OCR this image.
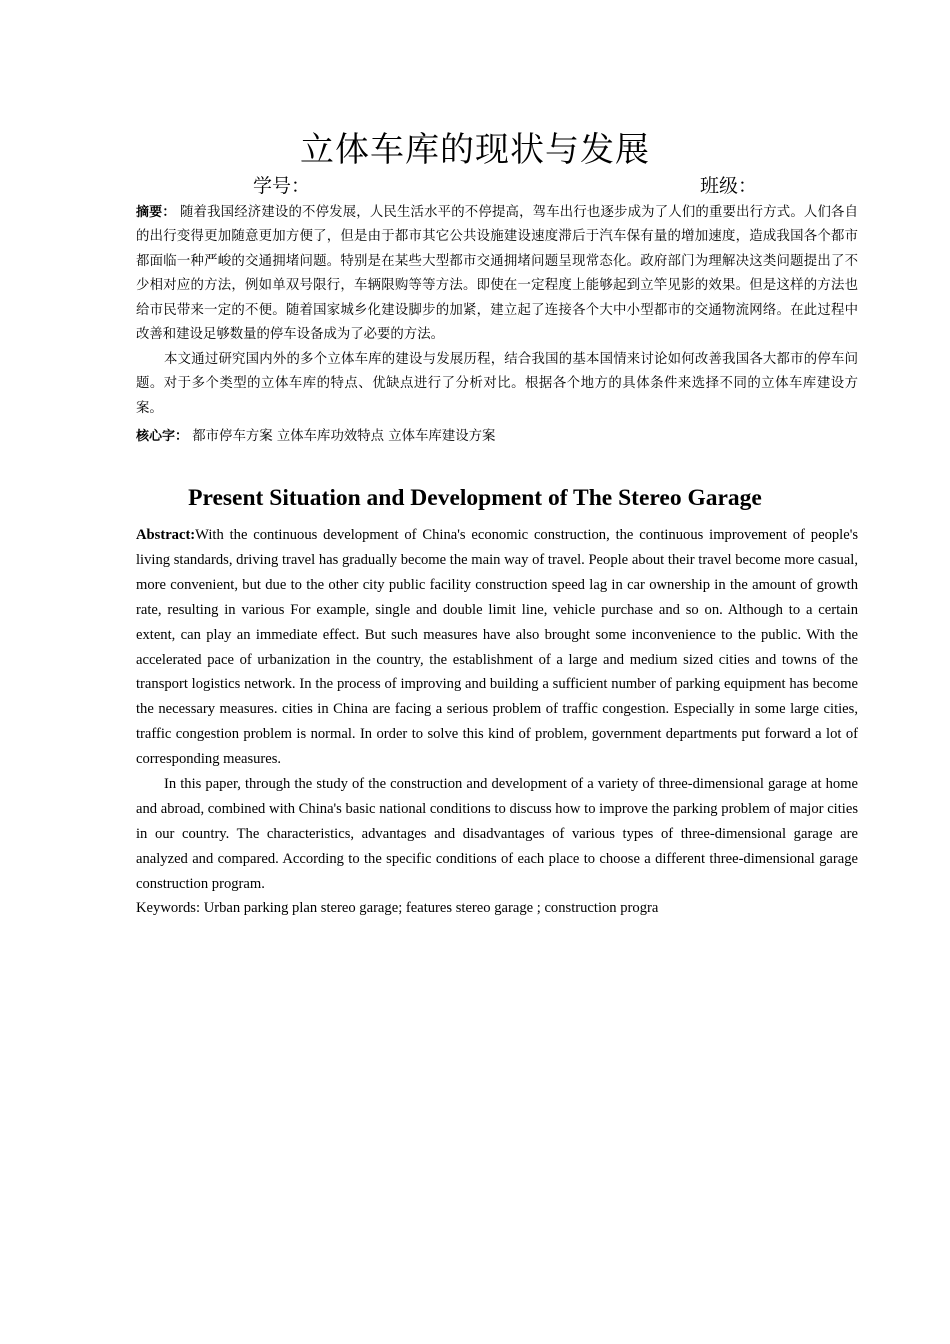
立体车库的现状与发展
学号：	班级：
摘要： 随着我国经济建设的不停发展，人民生活水平的不停提高，驾车出行也逐步成为了人们的重要出行方式。人们各自的出行变得更加随意更加方便了，但是由于都市其它公共设施建设速度滞后于汽车保有量的增加速度，造成我国各个都市都面临一种严峻的交通拥堵问题。特别是在某些大型都市交通拥堵问题呈现常态化。政府部门为理解决这类问题提出了不少相对应的方法，例如单双号限行，车辆限购等等方法。即使在一定程度上能够起到立竿见影的效果。但是这样的方法也给市民带来一定的不便。随着国家城乡化建设脚步的加紧，建立起了连接各个大中小型都市的交通物流网络。在此过程中改善和建设足够数量的停车设备成为了必要的方法。
本文通过研究国内外的多个立体车库的建设与发展历程，结合我国的基本国情来讨论如何改善我国各大都市的停车问题。对于多个类型的立体车库的特点、优缺点进行了分析对比。根据各个地方的具体条件来选择不同的立体车库建设方案。
核心字： 都市停车方案 立体车库功效特点 立体车库建设方案
Present Situation and Development of The Stereo Garage
Abstract:With the continuous development of China's economic construction, the continuous improvement of people's living standards, driving travel has gradually become the main way of travel. People about their travel become more casual, more convenient, but due to the other city public facility construction speed lag in car ownership in the amount of growth rate, resulting in various For example, single and double limit line, vehicle purchase and so on. Although to a certain extent, can play an immediate effect. But such measures have also brought some inconvenience to the public. With the accelerated pace of urbanization in the country, the establishment of a large and medium sized cities and towns of the transport logistics network. In the process of improving and building a sufficient number of parking equipment has become the necessary measures. cities in China are facing a serious problem of traffic congestion. Especially in some large cities, traffic congestion problem is normal. In order to solve this kind of problem, government departments put forward a lot of corresponding measures.
In this paper, through the study of the construction and development of a variety of three-dimensional garage at home and abroad, combined with China's basic national conditions to discuss how to improve the parking problem of major cities in our country. The characteristics, advantages and disadvantages of various types of three-dimensional garage are analyzed and compared. According to the specific conditions of each place to choose a different three-dimensional garage construction program.
Keywords: Urban parking plan stereo garage; features stereo garage ; construction progra
